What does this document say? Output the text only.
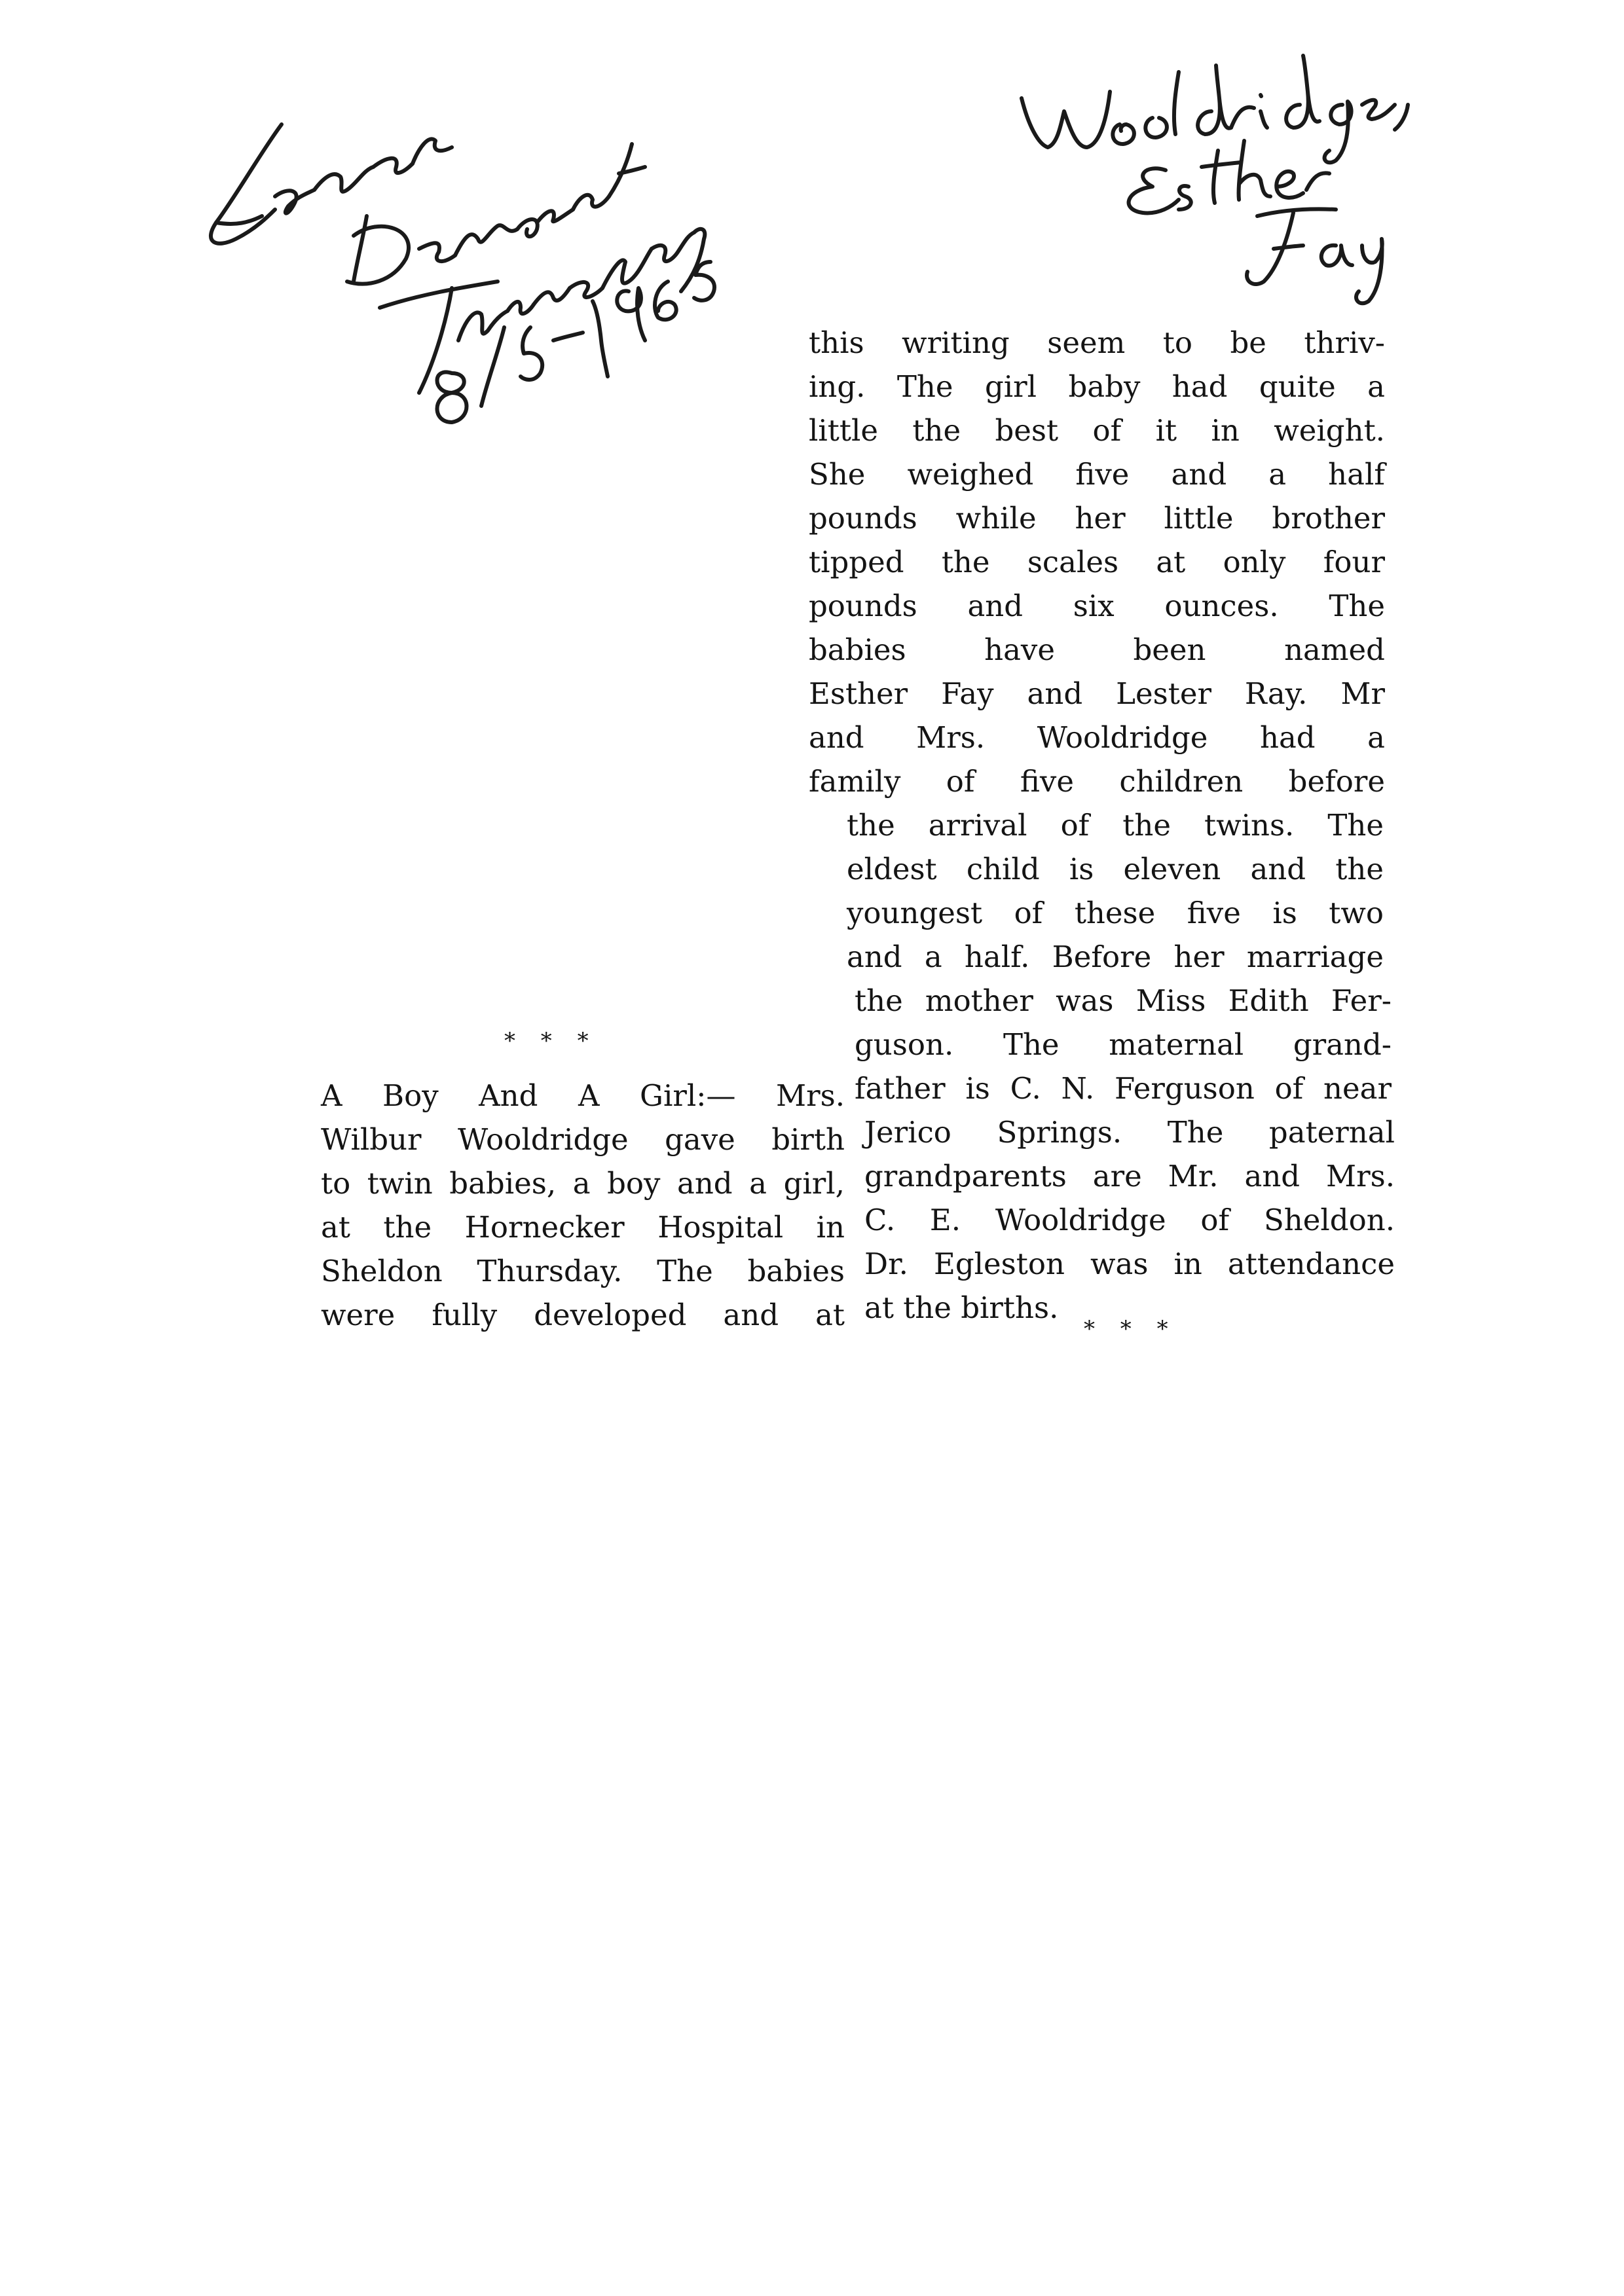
* * *
A Boy And A Girl:— Mrs.
Wilbur Wooldridge gave birth
to twin babies, a boy and a girl,
at the Hornecker Hospital in
Sheldon Thursday. The babies
were fully developed and at
this writing seem to be thriv-
ing. The girl baby had quite a
little the best of it in weight.
She weighed five and a half
pounds while her little brother
tipped the scales at only four
pounds and six ounces. The
babies have been named
Esther Fay and Lester Ray. Mr
and Mrs. Wooldridge had a
family of five children before
the arrival of the twins. The
eldest child is eleven and the
youngest of these five is two
and a half. Before her marriage
the mother was Miss Edith Fer-
guson. The maternal grand-
father is C. N. Ferguson of near
Jerico Springs. The paternal
grandparents are Mr. and Mrs.
C. E. Wooldridge of Sheldon.
Dr. Egleston was in attendance
at the births.
* * *
